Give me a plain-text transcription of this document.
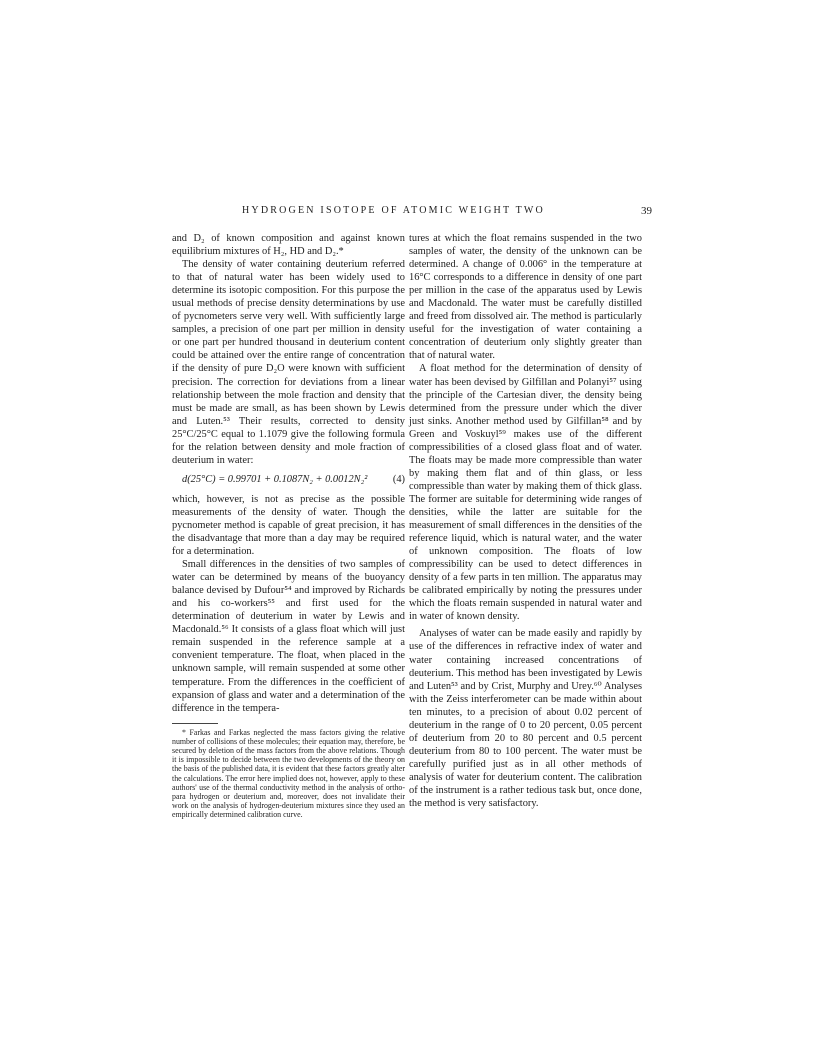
HYDROGEN ISOTOPE OF ATOMIC WEIGHT TWO	39

and D₂ of known composition and against known equilibrium mixtures of H₂, HD and D₂.*

The density of water containing deuterium referred to that of natural water has been widely used to determine its isotopic composition. For this purpose the usual methods of precise density determinations by use of pycnometers serve very well. With sufficiently large samples, a precision of one part per million in density or one part per hundred thousand in deuterium content could be attained over the entire range of concentration if the density of pure D₂O were known with sufficient precision. The correction for deviations from a linear relationship between the mole fraction and density that must be made are small, as has been shown by Lewis and Luten.⁵³ Their results, corrected to density 25°C/25°C equal to 1.1079 give the following formula for the relation between density and mole fraction of deuterium in water:

d(25°C) = 0.99701 + 0.1087N₂ + 0.0012N₂² (4)

which, however, is not as precise as the possible measurements of the density of water. Though the pycnometer method is capable of great precision, it has the disadvantage that more than a day may be required for a determination.

Small differences in the densities of two samples of water can be determined by means of the buoyancy balance devised by Dufour⁵⁴ and improved by Richards and his co-workers⁵⁵ and first used for the determination of deuterium in water by Lewis and Macdonald.⁵⁶ It consists of a glass float which will just remain suspended in the reference sample at a convenient temperature. The float, when placed in the unknown sample, will remain suspended at some other temperature. From the differences in the coefficient of expansion of glass and water and a determination of the difference in the tempera-

* Farkas and Farkas neglected the mass factors giving the relative number of collisions of these molecules; their equation may, therefore, be secured by deletion of the mass factors from the above relations. Though it is impossible to decide between the two developments of the theory on the basis of the published data, it is evident that these factors greatly alter the calculations. The error here implied does not, however, apply to these authors' use of the thermal conductivity method in the analysis of ortho-para hydrogen or deuterium and, moreover, does not invalidate their work on the analysis of hydrogen-deuterium mixtures since they used an empirically determined calibration curve.

tures at which the float remains suspended in the two samples of water, the density of the unknown can be determined. A change of 0.006° in the temperature at 16°C corresponds to a difference in density of one part per million in the case of the apparatus used by Lewis and Macdonald. The water must be carefully distilled and freed from dissolved air. The method is particularly useful for the investigation of water containing a concentration of deuterium only slightly greater than that of natural water.

A float method for the determination of density of water has been devised by Gilfillan and Polanyi⁵⁷ using the principle of the Cartesian diver, the density being determined from the pressure under which the diver just sinks. Another method used by Gilfillan⁵⁸ and by Green and Voskuyl⁵⁹ makes use of the different compressibilities of a closed glass float and of water. The floats may be made more compressible than water by making them flat and of thin glass, or less compressible than water by making them of thick glass. The former are suitable for determining wide ranges of densities, while the latter are suitable for the measurement of small differences in the densities of the reference liquid, which is natural water, and the water of unknown composition. The floats of low compressibility can be used to detect differences in density of a few parts in ten million. The apparatus may be calibrated empirically by noting the pressures under which the floats remain suspended in natural water and in water of known density.

Analyses of water can be made easily and rapidly by use of the differences in refractive index of water and water containing increased concentrations of deuterium. This method has been investigated by Lewis and Luten⁵³ and by Crist, Murphy and Urey.⁶⁰ Analyses with the Zeiss interferometer can be made within about ten minutes, to a precision of about 0.02 percent of deuterium in the range of 0 to 20 percent, 0.05 percent of deuterium from 20 to 80 percent and 0.5 percent deuterium from 80 to 100 percent. The water must be carefully purified just as in all other methods of analysis of water for deuterium content. The calibration of the instrument is a rather tedious task but, once done, the method is very satisfactory.
